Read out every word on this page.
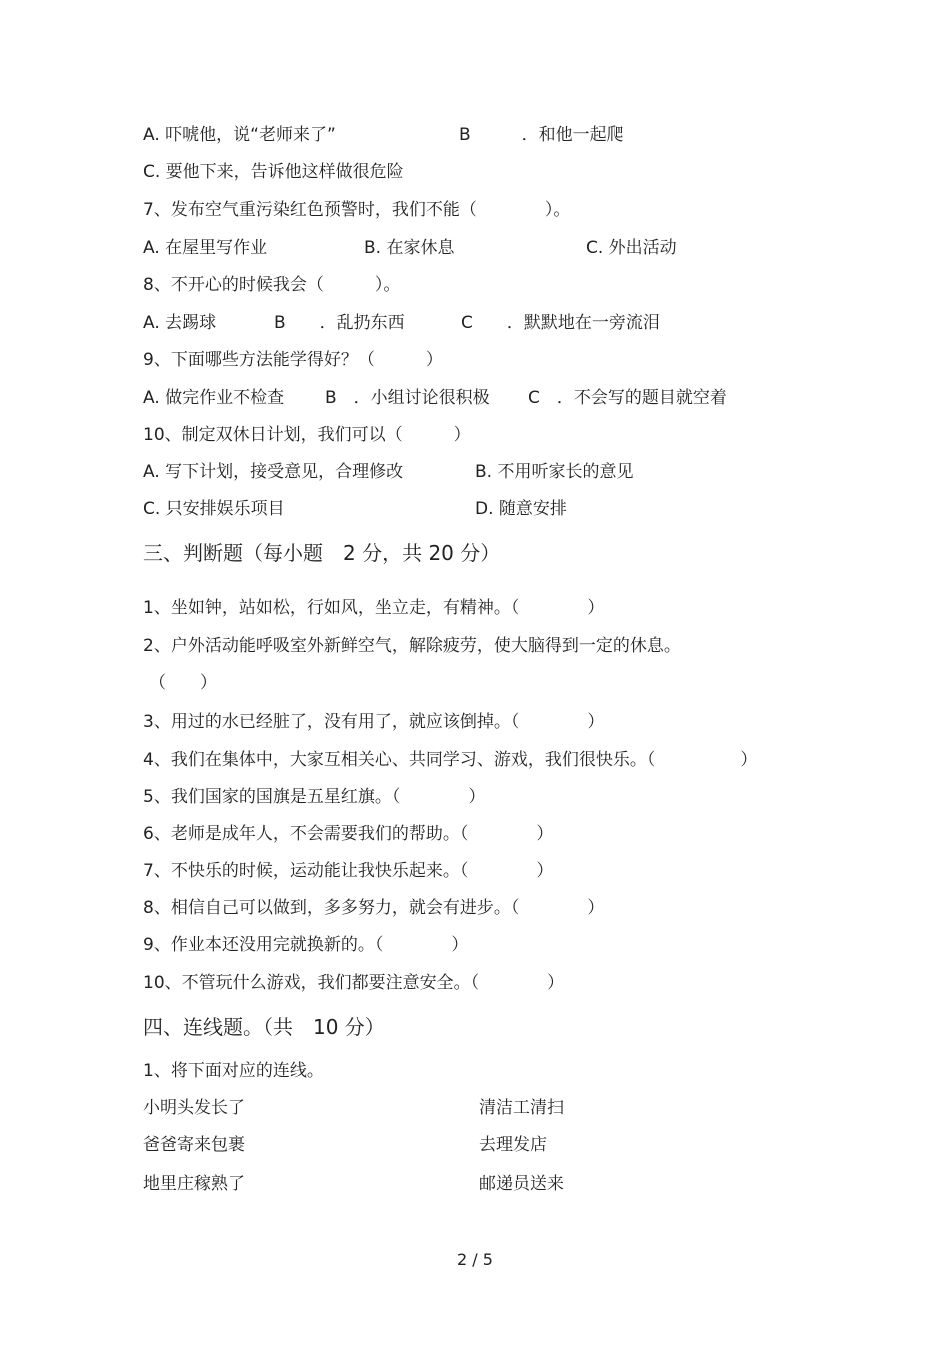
A. 吓唬他，说“老师来了”	B　　　．和他一起爬
C. 要他下来，告诉他这样做很危险
7、发布空气重污染红色预警时，我们不能（　　　　）。
A. 在屋里写作业	B. 在家休息	C. 外出活动
8、不开心的时候我会（　　　）。
A. 去踢球	B　　．乱扔东西	C　　．默默地在一旁流泪
9、下面哪些方法能学得好？（　　　）
A. 做完作业不检查 B　．小组讨论很积极 C　．不会写的题目就空着
10、制定双休日计划，我们可以（　　　）
A. 写下计划，接受意见，合理修改	B. 不用听家长的意见
C. 只安排娱乐项目	D. 随意安排
三、判断题（每小题　2 分，共 20 分）
1、坐如钟，站如松，行如风，坐立走，有精神。（　　　　）
2、户外活动能呼吸室外新鲜空气，解除疲劳，使大脑得到一定的休息。
（　　）
3、用过的水已经脏了，没有用了，就应该倒掉。（　　　　）
4、我们在集体中，大家互相关心、共同学习、游戏，我们很快乐。（　　　　　）
5、我们国家的国旗是五星红旗。（　　　　）
6、老师是成年人，不会需要我们的帮助。（　　　　）
7、不快乐的时候，运动能让我快乐起来。（　　　　）
8、相信自己可以做到，多多努力，就会有进步。（　　　　）
9、作业本还没用完就换新的。（　　　　）
10、不管玩什么游戏，我们都要注意安全。（　　　　）
四、连线题。（共　10 分）
1、将下面对应的连线。
小明头发长了	清洁工清扫
爸爸寄来包裹	去理发店
地里庄稼熟了	邮递员送来
2 / 5
